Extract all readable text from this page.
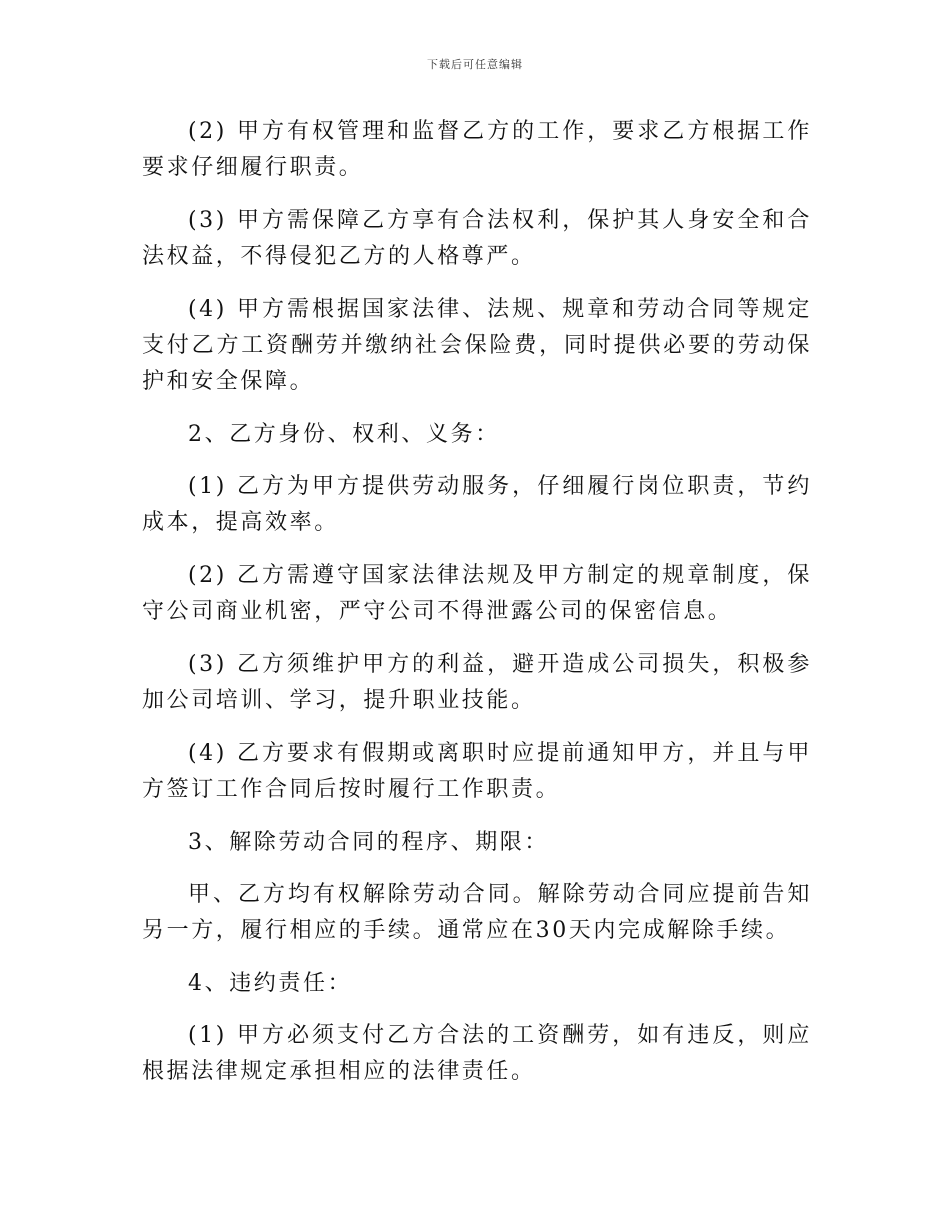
下载后可任意编辑

(2) 甲方有权管理和监督乙方的工作，要求乙方根据工作要求仔细履行职责。

(3) 甲方需保障乙方享有合法权利，保护其人身安全和合法权益，不得侵犯乙方的人格尊严。

(4) 甲方需根据国家法律、法规、规章和劳动合同等规定支付乙方工资酬劳并缴纳社会保险费，同时提供必要的劳动保护和安全保障。

2、乙方身份、权利、义务：

(1) 乙方为甲方提供劳动服务，仔细履行岗位职责，节约成本，提高效率。

(2) 乙方需遵守国家法律法规及甲方制定的规章制度，保守公司商业机密，严守公司不得泄露公司的保密信息。

(3) 乙方须维护甲方的利益，避开造成公司损失，积极参加公司培训、学习，提升职业技能。

(4) 乙方要求有假期或离职时应提前通知甲方，并且与甲方签订工作合同后按时履行工作职责。

3、解除劳动合同的程序、期限：

甲、乙方均有权解除劳动合同。解除劳动合同应提前告知另一方，履行相应的手续。通常应在30天内完成解除手续。

4、违约责任：

(1) 甲方必须支付乙方合法的工资酬劳，如有违反，则应根据法律规定承担相应的法律责任。
